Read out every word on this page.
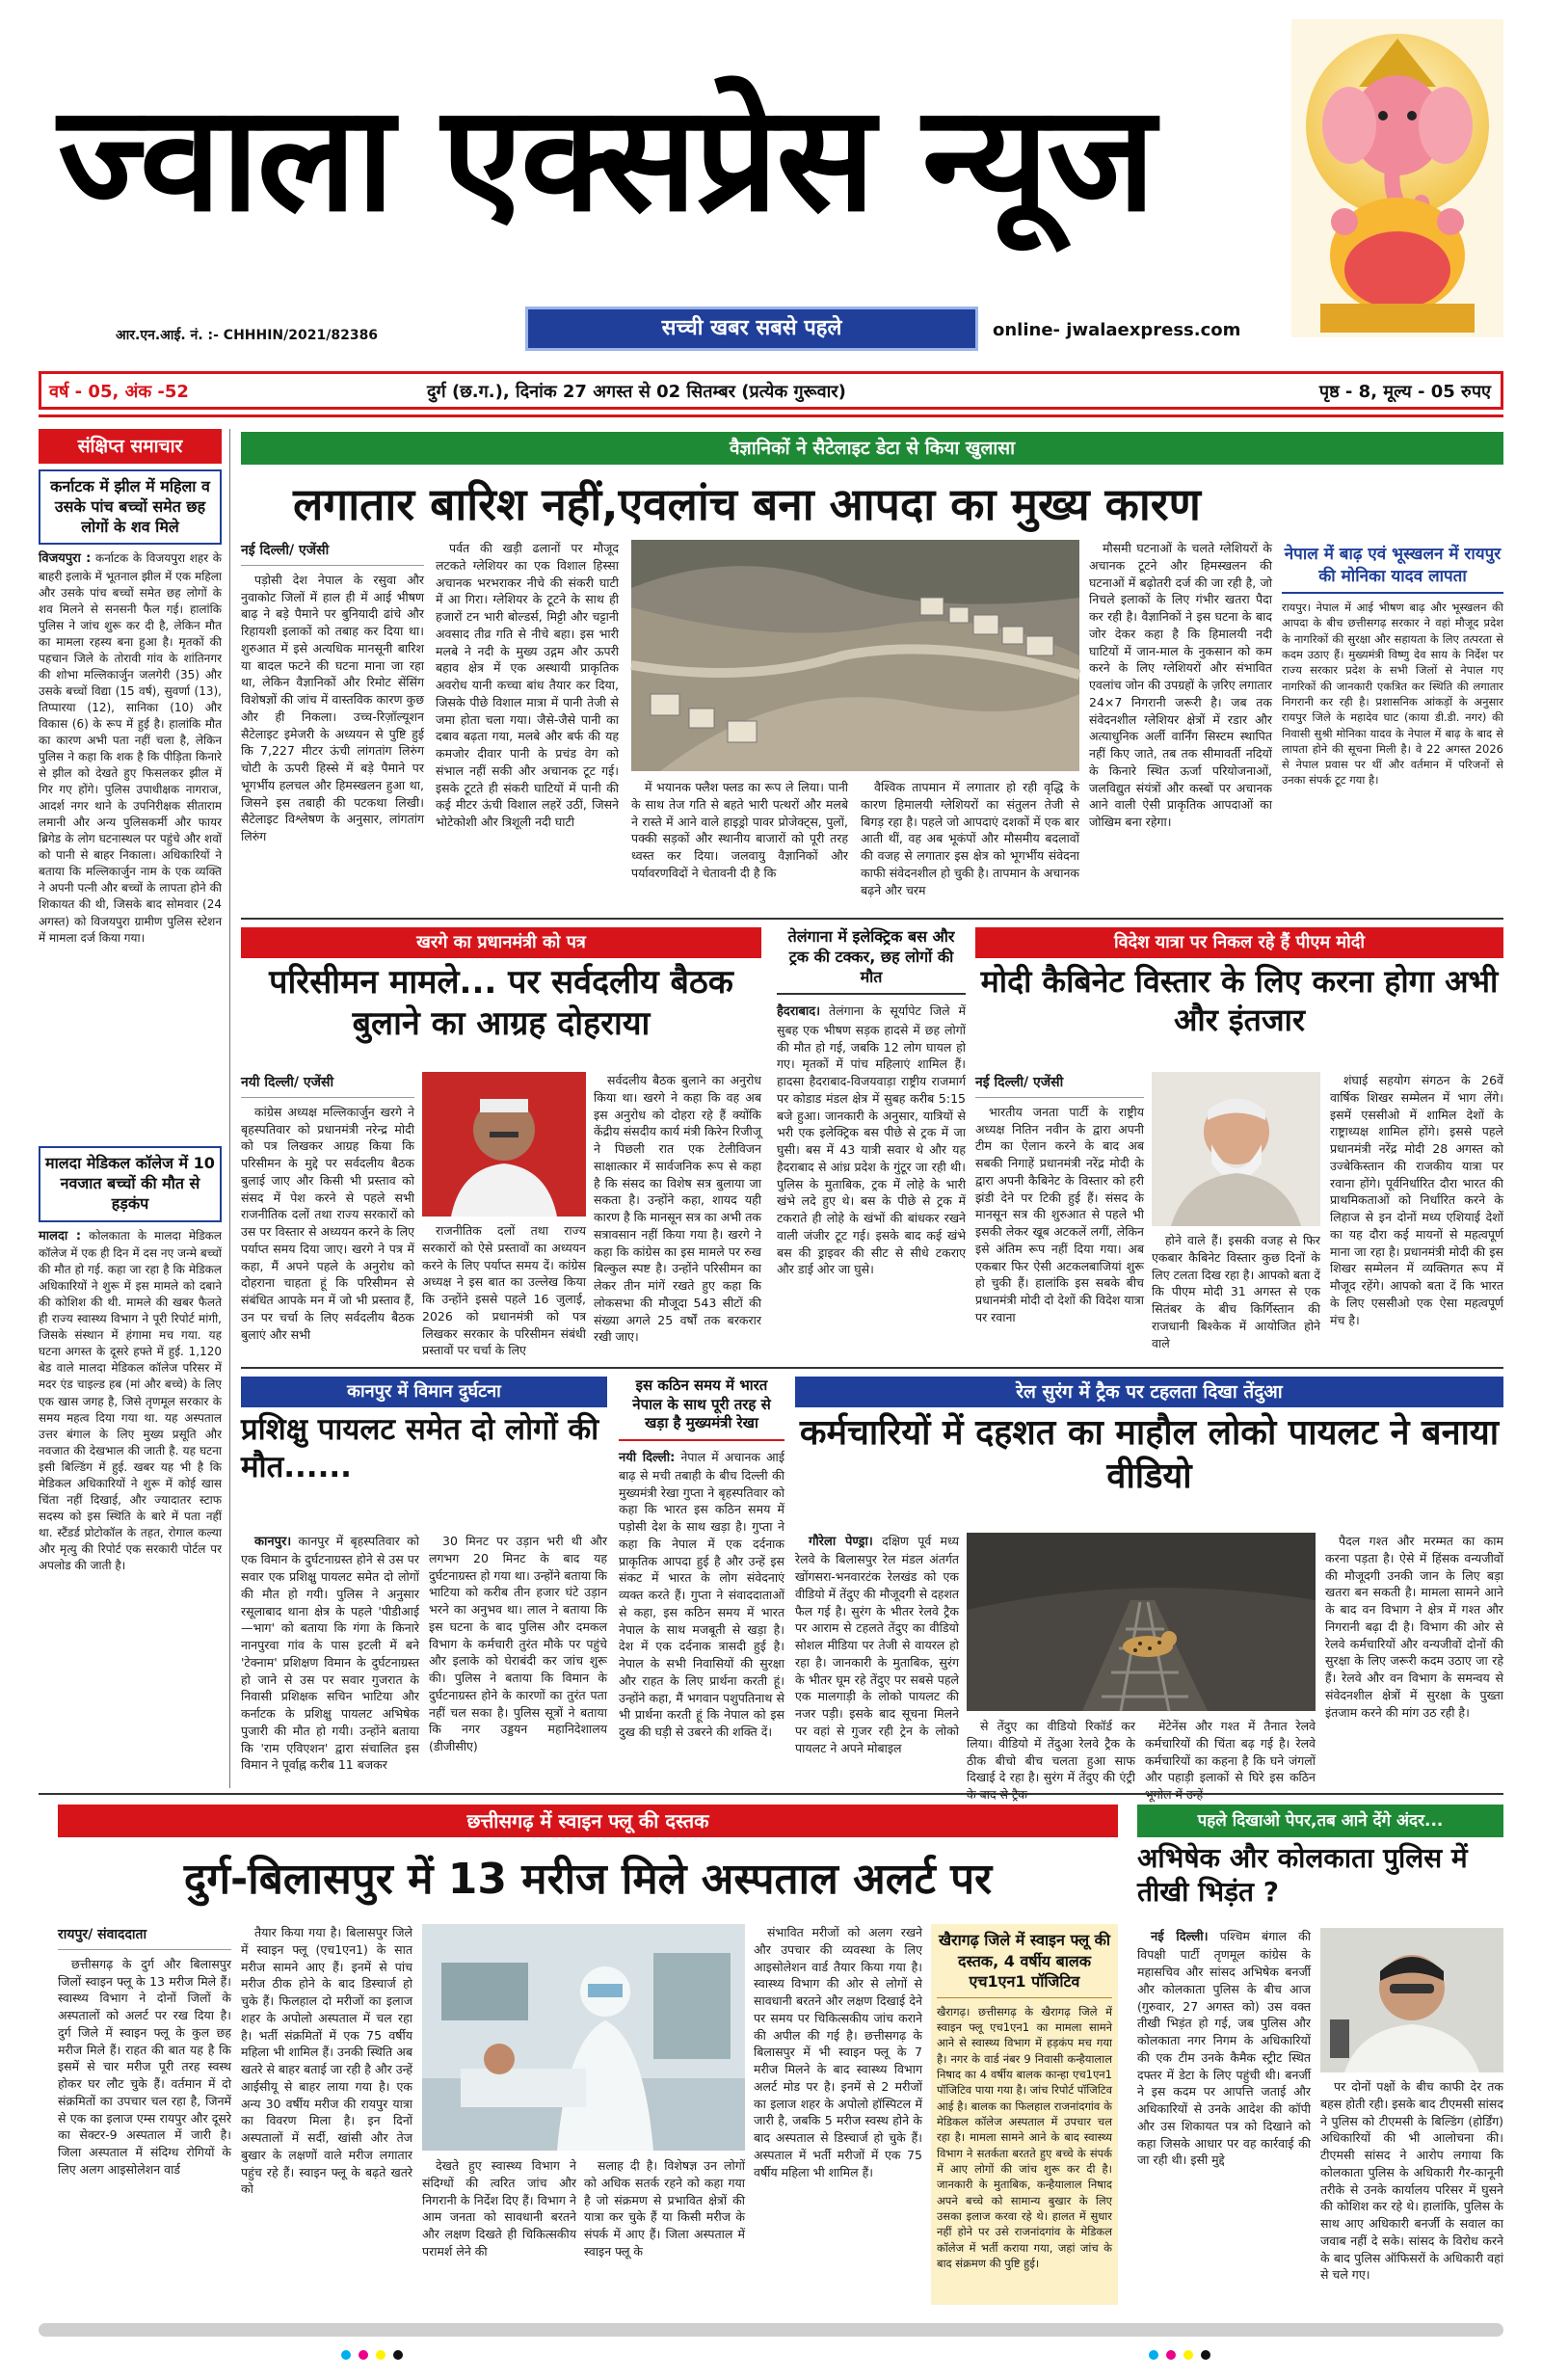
ज्वाला एक्सप्रेस न्यूज
आर.एन.आई. नं. :- CHHHIN/2021/82386	सच्ची खबर सबसे पहले	online- jwalaexpress.com
वर्ष - 05, अंक -52	दुर्ग (छ.ग.), दिनांक 27 अगस्त से 02 सितम्बर (प्रत्येक गुरूवार)	पृष्ठ - 8, मूल्य - 05 रुपए
संक्षिप्त समाचार
कर्नाटक में झील में महिला व उसके पांच बच्चों समेत छह लोगों के शव मिले
विजयपुरा : कर्नाटक के विजयपुरा शहर के बाहरी इलाके में भूतनाल झील में एक महिला और उसके पांच बच्चों समेत छह लोगों के शव मिलने से सनसनी फैल गई। हालांकि पुलिस ने जांच शुरू कर दी है, लेकिन मौत का मामला रहस्य बना हुआ है। मृतकों की पहचान जिले के तोरावी गांव के शांतिनगर की शोभा मल्लिकार्जुन जलगेरी (35) और उसके बच्चों विद्या (15 वर्ष), सुवर्णा (13), तिप्पारया (12), सानिका (10) और विकास (6) के रूप में हुई है। हालांकि मौत का कारण अभी पता नहीं चला है, लेकिन पुलिस ने कहा कि शक है कि पीड़िता किनारे से झील को देखते हुए फिसलकर झील में गिर गए होंगे। पुलिस उपाधीक्षक नागराज, आदर्श नगर थाने के उपनिरीक्षक सीताराम लमानी और अन्य पुलिसकर्मी और फायर ब्रिगेड के लोग घटनास्थल पर पहुंचे और शवों को पानी से बाहर निकाला। अधिकारियों ने बताया कि मल्लिकार्जुन नाम के एक व्यक्ति ने अपनी पत्नी और बच्चों के लापता होने की शिकायत की थी, जिसके बाद सोमवार (24 अगस्त) को विजयपुरा ग्रामीण पुलिस स्टेशन में मामला दर्ज किया गया।
मालदा मेडिकल कॉलेज में 10 नवजात बच्चों की मौत से हड़कंप
मालदा : कोलकाता के मालदा मेडिकल कॉलेज में एक ही दिन में दस नए जन्मे बच्चों की मौत हो गई. कहा जा रहा है कि मेडिकल अधिकारियों ने शुरू में इस मामले को दबाने की कोशिश की थी. मामले की खबर फैलते ही राज्य स्वास्थ्य विभाग ने पूरी रिपोर्ट मांगी, जिसके संस्थान में हंगामा मच गया. यह घटना अगस्त के दूसरे हफ्ते में हुई. 1,120 बेड वाले मालदा मेडिकल कॉलेज परिसर में मदर एंड चाइल्ड हब (मां और बच्चे) के लिए एक खास जगह है, जिसे तृणमूल सरकार के समय महत्व दिया गया था. यह अस्पताल उत्तर बंगाल के लिए मुख्य प्रसूति और नवजात की देखभाल की जाती है. यह घटना इसी बिल्डिंग में हुई. खबर यह भी है कि मेडिकल अधिकारियों ने शुरू में कोई खास चिंता नहीं दिखाई, और ज्यादातर स्टाफ सदस्य को इस स्थिति के बारे में पता नहीं था. स्टैंडर्ड प्रोटोकॉल के तहत, रोगाल कल्या और मृत्यु की रिपोर्ट एक सरकारी पोर्टल पर अपलोड की जाती है।
वैज्ञानिकों ने सैटेलाइट डेटा से किया खुलासा
लगातार बारिश नहीं,एवलांच बना आपदा का मुख्य कारण
नई दिल्ली/ एजेंसी

पड़ोसी देश नेपाल के रसुवा और नुवाकोट जिलों में हाल ही में आई भीषण बाढ़ ने बड़े पैमाने पर बुनियादी ढांचे और रिहायशी इलाकों को तबाह कर दिया था। शुरुआत में इसे अत्यधिक मानसूनी बारिश या बादल फटने की घटना माना जा रहा था, लेकिन वैज्ञानिकों और रिमोट सेंसिंग विशेषज्ञों की जांच में वास्तविक कारण कुछ और ही निकला। उच्च-रिज़ॉल्यूशन सैटेलाइट इमेजरी के अध्ययन से पुष्टि हुई कि 7,227 मीटर ऊंची लांगतांग लिरुंग चोटी के ऊपरी हिस्से में बड़े पैमाने पर भूगर्भीय हलचल और हिमस्खलन हुआ था, जिसने इस तबाही की पटकथा लिखी। सैटेलाइट विश्लेषण के अनुसार, लांगतांग लिरुंग

पर्वत की खड़ी ढलानों पर मौजूद लटकते ग्लेशियर का एक विशाल हिस्सा अचानक भरभराकर नीचे की संकरी घाटी में आ गिरा। ग्लेशियर के टूटने के साथ ही हजारों टन भारी बोल्डर्स, मिट्टी और चट्टानी अवसाद तीव्र गति से नीचे बहा। इस भारी मलबे ने नदी के मुख्य उद्गम और ऊपरी बहाव क्षेत्र में एक अस्थायी प्राकृतिक अवरोध यानी कच्चा बांध तैयार कर दिया, जिसके पीछे विशाल मात्रा में पानी तेजी से जमा होता चला गया। जैसे-जैसे पानी का दबाव बढ़ता गया, मलबे और बर्फ की यह कमजोर दीवार पानी के प्रचंड वेग को संभाल नहीं सकी और अचानक टूट गई। इसके टूटते ही संकरी घाटियों में पानी की कई मीटर ऊंची विशाल लहरें उठीं, जिसने भोटेकोशी और त्रिशूली नदी घाटी

में भयानक फ्लैश फ्लड का रूप ले लिया। पानी के साथ तेज गति से बहते भारी पत्थरों और मलबे ने रास्ते में आने वाले हाइड्रो पावर प्रोजेक्ट्स, पुलों, पक्की सड़कों और स्थानीय बाजारों को पूरी तरह ध्वस्त कर दिया। जलवायु वैज्ञानिकों और पर्यावरणविदों ने चेतावनी दी है कि

वैश्विक तापमान में लगातार हो रही वृद्धि के कारण हिमालयी ग्लेशियरों का संतुलन तेजी से बिगड़ रहा है। पहले जो आपदाएं दशकों में एक बार आती थीं, वह अब भूकंपों और मौसमीय बदलावों की वजह से लगातार इस क्षेत्र को भूगर्भीय संवेदना काफी संवेदनशील हो चुकी है। तापमान के अचानक बढ़ने और चरम

मौसमी घटनाओं के चलते ग्लेशियरों के अचानक टूटने और हिमस्खलन की घटनाओं में बढ़ोतरी दर्ज की जा रही है, जो निचले इलाकों के लिए गंभीर खतरा पैदा कर रही है। वैज्ञानिकों ने इस घटना के बाद जोर देकर कहा है कि हिमालयी नदी घाटियों में जान-माल के नुकसान को कम करने के लिए ग्लेशियरों और संभावित एवलांच जोन की उपग्रहों के ज़रिए लगातार 24×7 निगरानी जरूरी है। जब तक संवेदनशील ग्लेशियर क्षेत्रों में रडार और अत्याधुनिक अर्ली वार्निंग सिस्टम स्थापित नहीं किए जाते, तब तक सीमावर्ती नदियों के किनारे स्थित ऊर्जा परियोजनाओं, जलविद्युत संयंत्रों और कस्बों पर अचानक आने वाली ऐसी प्राकृतिक आपदाओं का जोखिम बना रहेगा।

नेपाल में बाढ़ एवं भूस्खलन में रायपुर की मोनिका यादव लापता
रायपुर। नेपाल में आई भीषण बाढ़ और भूस्खलन की आपदा के बीच छत्तीसगढ़ सरकार ने वहां मौजूद प्रदेश के नागरिकों की सुरक्षा और सहायता के लिए तत्परता से कदम उठाए हैं। मुख्यमंत्री विष्णु देव साय के निर्देश पर राज्य सरकार प्रदेश के सभी जिलों से नेपाल गए नागरिकों की जानकारी एकत्रित कर स्थिति की लगातार निगरानी कर रही है। प्रशासनिक आंकड़ों के अनुसार रायपुर जिले के महादेव घाट (काया डी.डी. नगर) की निवासी सुश्री मोनिका यादव के नेपाल में बाढ़ के बाद से लापता होने की सूचना मिली है। वे 22 अगस्त 2026 से नेपाल प्रवास पर थीं और वर्तमान में परिजनों से उनका संपर्क टूट गया है।
खरगे का प्रधानमंत्री को पत्र
परिसीमन मामले... पर सर्वदलीय बैठक बुलाने का आग्रह दोहराया
नयी दिल्ली/ एजेंसी

कांग्रेस अध्यक्ष मल्लिकार्जुन खरगे ने बृहस्पतिवार को प्रधानमंत्री नरेन्द्र मोदी को पत्र लिखकर आग्रह किया कि परिसीमन के मुद्दे पर सर्वदलीय बैठक बुलाई जाए और किसी भी प्रस्ताव को संसद में पेश करने से पहले सभी राजनीतिक दलों तथा राज्य सरकारों को उस पर विस्तार से अध्ययन करने के लिए पर्याप्त समय दिया जाए। खरगे ने पत्र में कहा, मैं अपने पहले के अनुरोध को दोहराना चाहता हूं कि परिसीमन से संबंधित आपके मन में जो भी प्रस्ताव हैं, उन पर चर्चा के लिए सर्वदलीय बैठक बुलाएं और सभी

राजनीतिक दलों तथा राज्य सरकारों को ऐसे प्रस्तावों का अध्ययन करने के लिए पर्याप्त समय दें। कांग्रेस अध्यक्ष ने इस बात का उल्लेख किया कि उन्होंने इससे पहले 16 जुलाई, 2026 को प्रधानमंत्री को पत्र लिखकर सरकार के परिसीमन संबंधी प्रस्तावों पर चर्चा के लिए

सर्वदलीय बैठक बुलाने का अनुरोध किया था। खरगे ने कहा कि वह अब इस अनुरोध को दोहरा रहे हैं क्योंकि केंद्रीय संसदीय कार्य मंत्री किरेन रिजीजू ने पिछली रात एक टेलीविजन साक्षात्कार में सार्वजनिक रूप से कहा है कि संसद का विशेष सत्र बुलाया जा सकता है। उन्होंने कहा, शायद यही कारण है कि मानसून सत्र का अभी तक सत्रावसान नहीं किया गया है। खरगे ने कहा कि कांग्रेस का इस मामले पर रुख बिल्कुल स्पष्ट है। उन्होंने परिसीमन का लेकर तीन मांगें रखते हुए कहा कि लोकसभा की मौजूदा 543 सीटों की संख्या अगले 25 वर्षों तक बरकरार रखी जाए।

तेलंगाना में इलेक्ट्रिक बस और ट्रक की टक्कर, छह लोगों की मौत
हैदराबाद। तेलंगाना के सूर्यापेट जिले में सुबह एक भीषण सड़क हादसे में छह लोगों की मौत हो गई, जबकि 12 लोग घायल हो गए। मृतकों में पांच महिलाएं शामिल हैं। हादसा हैदराबाद-विजयवाड़ा राष्ट्रीय राजमार्ग पर कोडाड मंडल क्षेत्र में सुबह करीब 5:15 बजे हुआ। जानकारी के अनुसार, यात्रियों से भरी एक इलेक्ट्रिक बस पीछे से ट्रक में जा घुसी। बस में 43 यात्री सवार थे और यह हैदराबाद से आंध्र प्रदेश के गुंटूर जा रही थी। पुलिस के मुताबिक, ट्रक में लोहे के भारी खंभे लदे हुए थे। बस के पीछे से ट्रक में टकराते ही लोहे के खंभों की बांधकर रखने वाली जंजीर टूट गई। इसके बाद कई खंभे बस की ड्राइवर की सीट से सीधे टकराए और डाई ओर जा घुसे।
विदेश यात्रा पर निकल रहे हैं पीएम मोदी
मोदी कैबिनेट विस्तार के लिए करना होगा अभी और इंतजार
नई दिल्ली/ एजेंसी

भारतीय जनता पार्टी के राष्ट्रीय अध्यक्ष नितिन नवीन के द्वारा अपनी टीम का ऐलान करने के बाद अब सबकी निगाहें प्रधानमंत्री नरेंद्र मोदी के द्वारा अपनी कैबिनेट के विस्तार को हरी झंडी देने पर टिकी हुई हैं। संसद के मानसून सत्र की शुरुआत से पहले भी इसकी लेकर खूब अटकलें लगीं, लेकिन इसे अंतिम रूप नहीं दिया गया। अब एकबार फिर ऐसी अटकलबाजियां शुरू हो चुकी हैं। हालांकि इस सबके बीच प्रधानमंत्री मोदी दो देशों की विदेश यात्रा पर रवाना

होने वाले हैं। इसकी वजह से फिर एकबार कैबिनेट विस्तार कुछ दिनों के लिए टलता दिख रहा है। आपको बता दें कि पीएम मोदी 31 अगस्त से एक सितंबर के बीच किर्गिस्तान की राजधानी बिश्केक में आयोजित होने वाले

शंघाई सहयोग संगठन के 26वें वार्षिक शिखर सम्मेलन में भाग लेंगे। इसमें एससीओ में शामिल देशों के राष्ट्राध्यक्ष शामिल होंगे। इससे पहले प्रधानमंत्री नरेंद्र मोदी 28 अगस्त को उज्बेकिस्तान की राजकीय यात्रा पर रवाना होंगे। पूर्वनिर्धारित दौरा भारत की प्राथमिकताओं को निर्धारित करने के लिहाज से इन दोनों मध्य एशियाई देशों का यह दौरा कई मायनों से महत्वपूर्ण माना जा रहा है। प्रधानमंत्री मोदी की इस शिखर सम्मेलन में व्यक्तिगत रूप में मौजूद रहेंगे। आपको बता दें कि भारत के लिए एससीओ एक ऐसा महत्वपूर्ण मंच है।

कानपुर में विमान दुर्घटना
प्रशिक्षु पायलट समेत दो लोगों की मौत......

कानपुर। कानपुर में बृहस्पतिवार को एक विमान के दुर्घटनाग्रस्त होने से उस पर सवार एक प्रशिक्षु पायलट समेत दो लोगों की मौत हो गयी। पुलिस ने अनुसार रसूलाबाद थाना क्षेत्र के पहले 'पीडीआई—भाग' को बताया कि गंगा के किनारे नानपुरवा गांव के पास इटली में बने 'टेक्नाम' प्रशिक्षण विमान के दुर्घटनाग्रस्त हो जाने से उस पर सवार गुजरात के निवासी प्रशिक्षक सचिन भाटिया और कर्नाटक के प्रशिक्षु पायलट अभिषेक पुजारी की मौत हो गयी। उन्होंने बताया कि 'राम एविएशन' द्वारा संचालित इस विमान ने पूर्वाह्न करीब 11 बजकर

30 मिनट पर उड़ान भरी थी और लगभग 20 मिनट के बाद यह दुर्घटनाग्रस्त हो गया था। उन्होंने बताया कि भाटिया को करीब तीन हजार घंटे उड़ान भरने का अनुभव था। लाल ने बताया कि इस घटना के बाद पुलिस और दमकल विभाग के कर्मचारी तुरंत मौके पर पहुंचे और इलाके को घेराबंदी कर जांच शुरू की। पुलिस ने बताया कि विमान के दुर्घटनाग्रस्त होने के कारणों का तुरंत पता नहीं चल सका है। पुलिस सूत्रों ने बताया कि नगर उड्डयन महानिदेशालय (डीजीसीए)

इस कठिन समय में भारत नेपाल के साथ पूरी तरह से खड़ा है मुख्यमंत्री रेखा
नयी दिल्ली: नेपाल में अचानक आई बाढ़ से मची तबाही के बीच दिल्ली की मुख्यमंत्री रेखा गुप्ता ने बृहस्पतिवार को कहा कि भारत इस कठिन समय में पड़ोसी देश के साथ खड़ा है। गुप्ता ने कहा कि नेपाल में एक दर्दनाक प्राकृतिक आपदा हुई है और उन्हें इस संकट में भारत के लोग संवेदनाएं व्यक्त करते हैं। गुप्ता ने संवाददाताओं से कहा, इस कठिन समय में भारत नेपाल के साथ मजबूती से खड़ा है। देश में एक दर्दनाक त्रासदी हुई है। नेपाल के सभी निवासियों की सुरक्षा और राहत के लिए प्रार्थना करती हूं। उन्होंने कहा, मैं भगवान पशुपतिनाथ से भी प्रार्थना करती हूं कि नेपाल को इस दुख की घड़ी से उबरने की शक्ति दें।
रेल सुरंग में ट्रैक पर टहलता दिखा तेंदुआ
कर्मचारियों में दहशत का माहौल लोको पायलट ने बनाया वीडियो

गौरेला पेण्ड्रा। दक्षिण पूर्व मध्य रेलवे के बिलासपुर रेल मंडल अंतर्गत खोंगसरा-भनवारटंक रेलखंड को एक वीडियो में तेंदुए की मौजूदगी से दहशत फैल गई है। सुरंग के भीतर रेलवे ट्रैक पर आराम से टहलते तेंदुए का वीडियो सोशल मीडिया पर तेजी से वायरल हो रहा है। जानकारी के मुताबिक, सुरंग के भीतर घूम रहे तेंदुए पर सबसे पहले एक मालगाड़ी के लोको पायलट की नजर पड़ी। इसके बाद सूचना मिलने पर वहां से गुजर रही ट्रेन के लोको पायलट ने अपने मोबाइल

से तेंदुए का वीडियो रिकॉर्ड कर लिया। वीडियो में तेंदुआ रेलवे ट्रैक के ठीक बीचो बीच चलता हुआ साफ दिखाई दे रहा है। सुरंग में तेंदुए की एंट्री

मेंटेनेंस और गश्त में तैनात रेलवे कर्मचारियों की चिंता बढ़ गई है। रेलवे कर्मचारियों का कहना है कि घने जंगलों और पहाड़ी इलाकों से घिरे इस कठिन

पैदल गश्त और मरम्मत का काम करना पड़ता है। ऐसे में हिंसक वन्यजीवों की मौजूदगी उनकी जान के लिए बड़ा खतरा बन सकती है। मामला सामने आने के बाद वन विभाग ने क्षेत्र में गश्त और निगरानी बढ़ा दी है। विभाग की ओर से रेलवे कर्मचारियों और वन्यजीवों दोनों की सुरक्षा के लिए जरूरी कदम उठाए जा रहे हैं। रेलवे और वन विभाग के समन्वय से संवेदनशील क्षेत्रों में सुरक्षा के पुख्ता इंतजाम करने की मांग उठ रही है।

छत्तीसगढ़ में स्वाइन फ्लू की दस्तक
दुर्ग-बिलासपुर में 13 मरीज मिले अस्पताल अलर्ट पर
रायपुर/ संवाददाता

छत्तीसगढ़ के दुर्ग और बिलासपुर जिलों स्वाइन फ्लू के 13 मरीज मिले हैं। स्वास्थ्य विभाग ने दोनों जिलों के अस्पतालों को अलर्ट पर रख दिया है। दुर्ग जिले में स्वाइन फ्लू के कुल छह मरीज मिले हैं। राहत की बात यह है कि इसमें से चार मरीज पूरी तरह स्वस्थ होकर घर लौट चुके हैं। वर्तमान में दो संक्रमितों का उपचार चल रहा है, जिनमें से एक का इलाज एम्स रायपुर और दूसरे का सेक्टर-9 अस्पताल में जारी है। जिला अस्पताल में संदिग्ध रोगियों के लिए अलग आइसोलेशन वार्ड

तैयार किया गया है। बिलासपुर जिले में स्वाइन फ्लू (एच1एन1) के सात मरीज सामने आए हैं। इनमें से पांच मरीज ठीक होने के बाद डिस्चार्ज हो चुके हैं। फिलहाल दो मरीजों का इलाज शहर के अपोलो अस्पताल में चल रहा है। भर्ती संक्रमितों में एक 75 वर्षीय महिला भी शामिल हैं। उनकी स्थिति अब खतरे से बाहर बताई जा रही है और उन्हें आईसीयू से बाहर लाया गया है। एक अन्य 30 वर्षीय मरीज की रायपुर यात्रा का विवरण मिला है। इन दिनों अस्पतालों में सर्दी, खांसी और तेज बुखार के लक्षणों वाले मरीज लगातार पहुंच रहे हैं। स्वाइन फ्लू के बढ़ते खतरे को

देखते हुए स्वास्थ्य विभाग ने संदिग्धों की त्वरित जांच और निगरानी के निर्देश दिए हैं। विभाग ने आम जनता को सावधानी बरतने और लक्षण दिखते ही चिकित्सकीय परामर्श लेने की

सलाह दी है। विशेषज्ञ उन लोगों को अधिक सतर्क रहने को कहा गया है जो संक्रमण से प्रभावित क्षेत्रों की यात्रा कर चुके हैं या किसी मरीज के संपर्क में आए हैं। जिला अस्पताल में स्वाइन फ्लू के

संभावित मरीजों को अलग रखने और उपचार की व्यवस्था के लिए आइसोलेशन वार्ड तैयार किया गया है। स्वास्थ्य विभाग की ओर से लोगों से सावधानी बरतने और लक्षण दिखाई देने पर समय पर चिकित्सकीय जांच कराने की अपील की गई है। छत्तीसगढ़ के बिलासपुर में भी स्वाइन फ्लू के 7 मरीज मिलने के बाद स्वास्थ्य विभाग अलर्ट मोड पर है। इनमें से 2 मरीजों का इलाज शहर के अपोलो हॉस्पिटल में जारी है, जबकि 5 मरीज स्वस्थ होने के बाद अस्पताल से डिस्चार्ज हो चुके हैं।अस्पताल में भर्ती मरीजों में एक 75 वर्षीय महिला भी शामिल हैं।

खैरागढ़ जिले में स्वाइन फ्लू की दस्तक, 4 वर्षीय बालक एच1एन1 पॉजिटिव
खैरागढ़। छत्तीसगढ़ के खैरागढ़ जिले में स्वाइन फ्लू एच1एन1 का मामला सामने आने से स्वास्थ्य विभाग में हड़कंप मच गया है। नगर के वार्ड नंबर 9 निवासी कन्हैयालाल निषाद का 4 वर्षीय बालक कान्हा एच1एन1 पॉजिटिव पाया गया है। जांच रिपोर्ट पॉजिटिव आई है। बालक का फिलहाल राजनांदगांव के मेडिकल कॉलेज अस्पताल में उपचार चल रहा है। मामला सामने आने के बाद स्वास्थ्य विभाग ने सतर्कता बरतते हुए बच्चे के संपर्क में आए लोगों की जांच शुरू कर दी है। जानकारी के मुताबिक, कन्हैयालाल निषाद अपने बच्चे को सामान्य बुखार के लिए उसका इलाज करवा रहे थे। हालत में सुधार नहीं होने पर उसे राजनांदगांव के मेडिकल कॉलेज में भर्ती कराया गया, जहां जांच के बाद संक्रमण की पुष्टि हुई।
पहले दिखाओ पेपर,तब आने देंगे अंदर...
अभिषेक और कोलकाता पुलिस में तीखी भिड़ंत ?

नई दिल्ली। पश्चिम बंगाल की विपक्षी पार्टी तृणमूल कांग्रेस के महासचिव और सांसद अभिषेक बनर्जी और कोलकाता पुलिस के बीच आज (गुरुवार, 27 अगस्त को) उस वक्त तीखी भिड़ंत हो गई, जब पुलिस और कोलकाता नगर निगम के अधिकारियों की एक टीम उनके कैमैक स्ट्रीट स्थित दफ्तर में डेटा के लिए पहुंची थी। बनर्जी ने इस कदम पर आपत्ति जताई और अधिकारियों से उनके आदेश की कॉपी और उस शिकायत पत्र को दिखाने को कहा जिसके आधार पर वह कार्रवाई की जा रही थी। इसी मुद्दे

पर दोनों पक्षों के बीच काफी देर तक बहस होती रही। इसके बाद टीएमसी सांसद ने पुलिस को टीएमसी के बिल्डिंग (होर्डिंग) अधिकारियों की भी आलोचना की। टीएमसी सांसद ने आरोप लगाया कि कोलकाता पुलिस के अधिकारी गैर-कानूनी तरीके से उनके कार्यालय परिसर में घुसने की कोशिश कर रहे थे। हालांकि, पुलिस के साथ आए अधिकारी बनर्जी के सवाल का जवाब नहीं दे सके। सांसद के विरोध करने के बाद पुलिस ऑफिसरों के अधिकारी वहां से चले गए।
